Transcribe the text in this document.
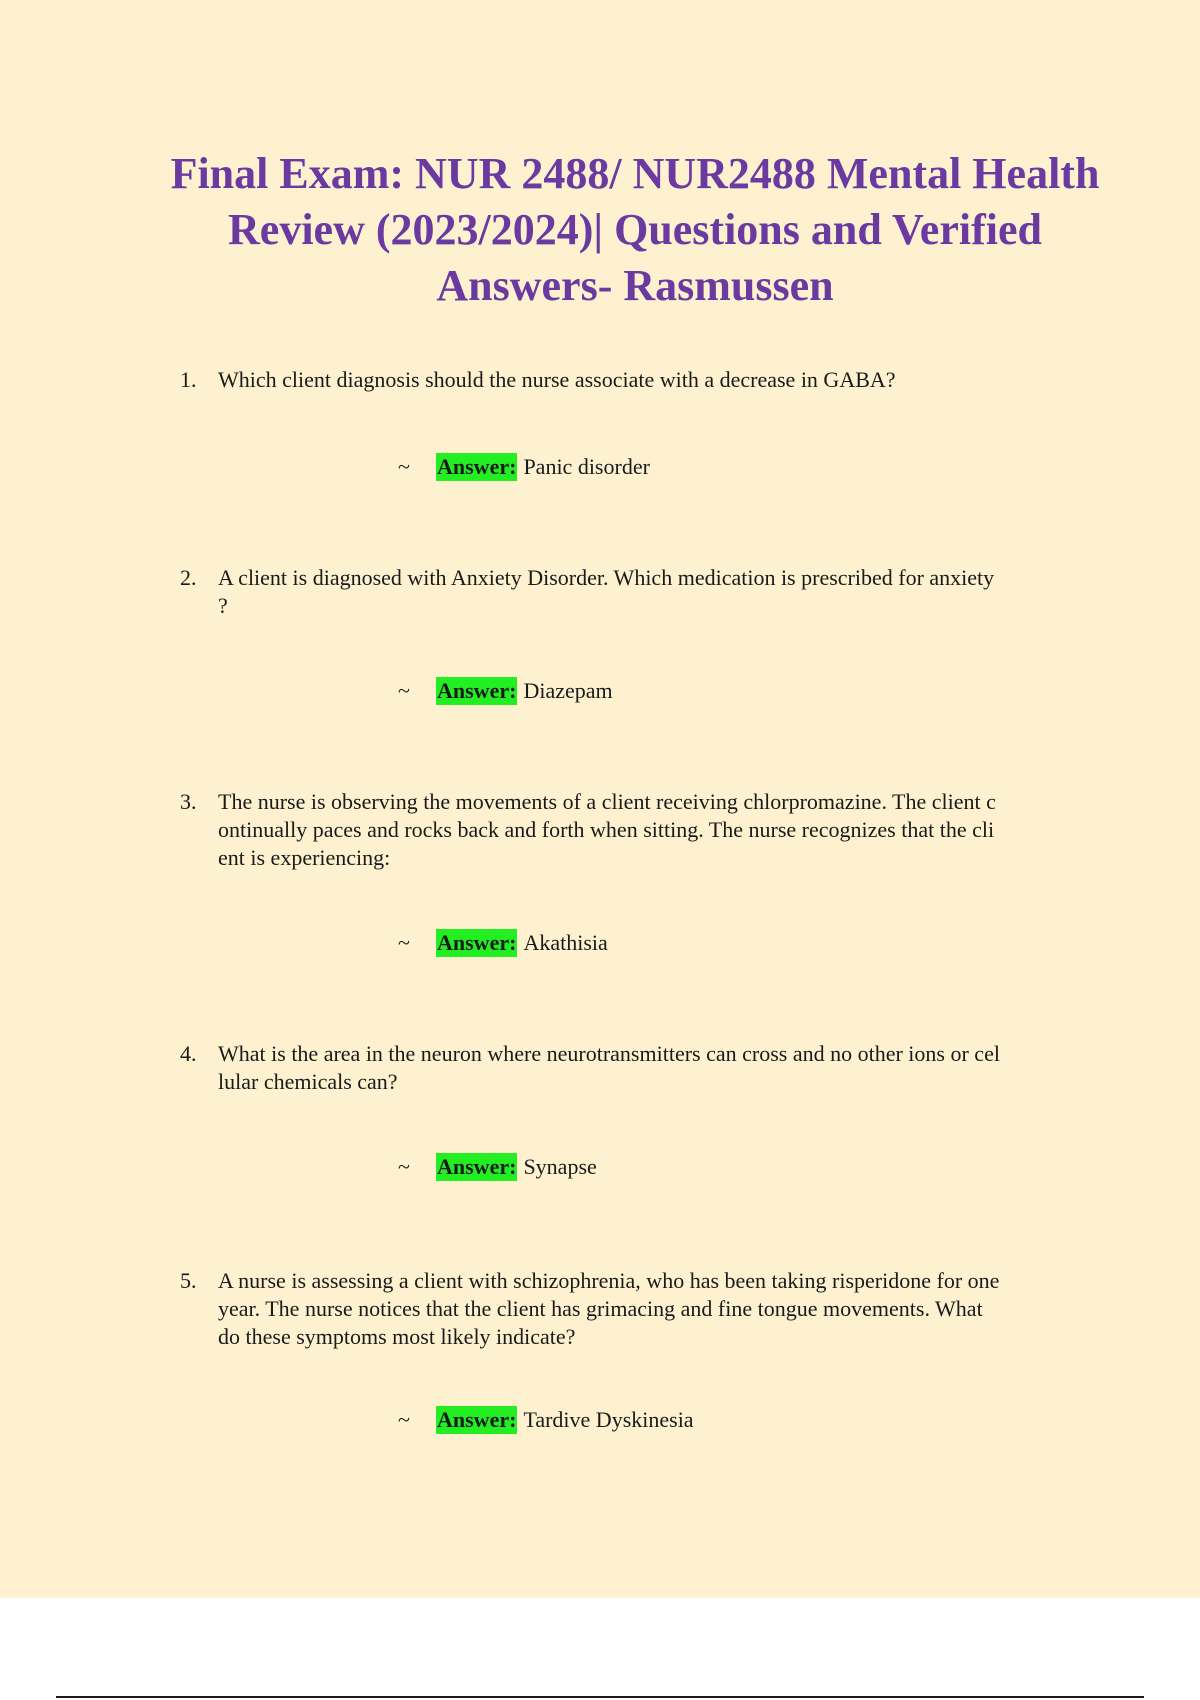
Final Exam: NUR 2488/ NUR2488 Mental Health Review (2023/2024)| Questions and Verified Answers- Rasmussen
1. Which client diagnosis should the nurse associate with a decrease in GABA?
~	Answer: Panic disorder
2. A client is diagnosed with Anxiety Disorder. Which medication is prescribed for anxiety
?
~	Answer: Diazepam
3. The nurse is observing the movements of a client receiving chlorpromazine. The client c
ontinually paces and rocks back and forth when sitting. The nurse recognizes that the cli
ent is experiencing:
~	Answer: Akathisia
4. What is the area in the neuron where neurotransmitters can cross and no other ions or cel
lular chemicals can?
~	Answer: Synapse
5. A nurse is assessing a client with schizophrenia, who has been taking risperidone for one
year. The nurse notices that the client has grimacing and fine tongue movements. What
do these symptoms most likely indicate?
~	Answer: Tardive Dyskinesia
